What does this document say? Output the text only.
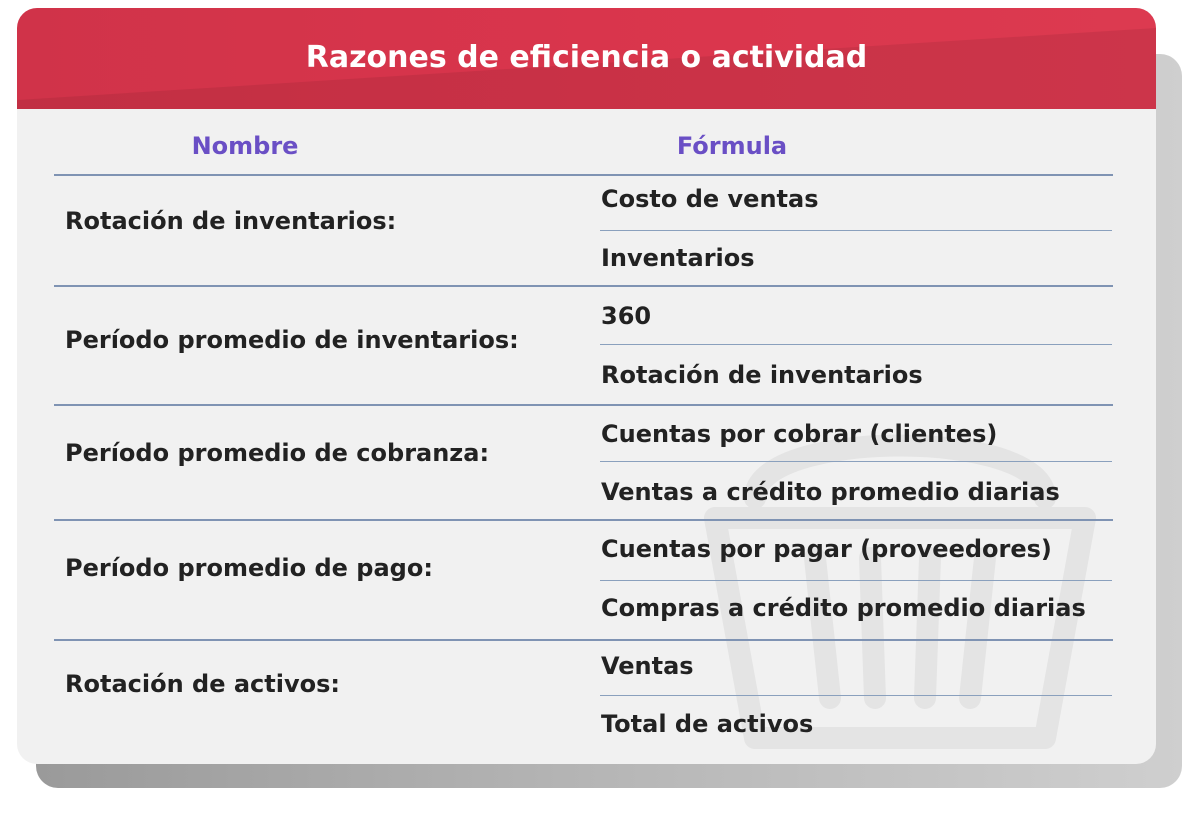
Razones de eficiencia o actividad
Nombre	Fórmula
Rotación de inventarios:
Costo de ventas
Inventarios
Período promedio de inventarios:
360
Rotación de inventarios
Período promedio de cobranza:
Cuentas por cobrar (clientes)
Ventas a crédito promedio diarias
Período promedio de pago:
Cuentas por pagar (proveedores)
Compras a crédito promedio diarias
Rotación de activos:
Ventas
Total de activos
